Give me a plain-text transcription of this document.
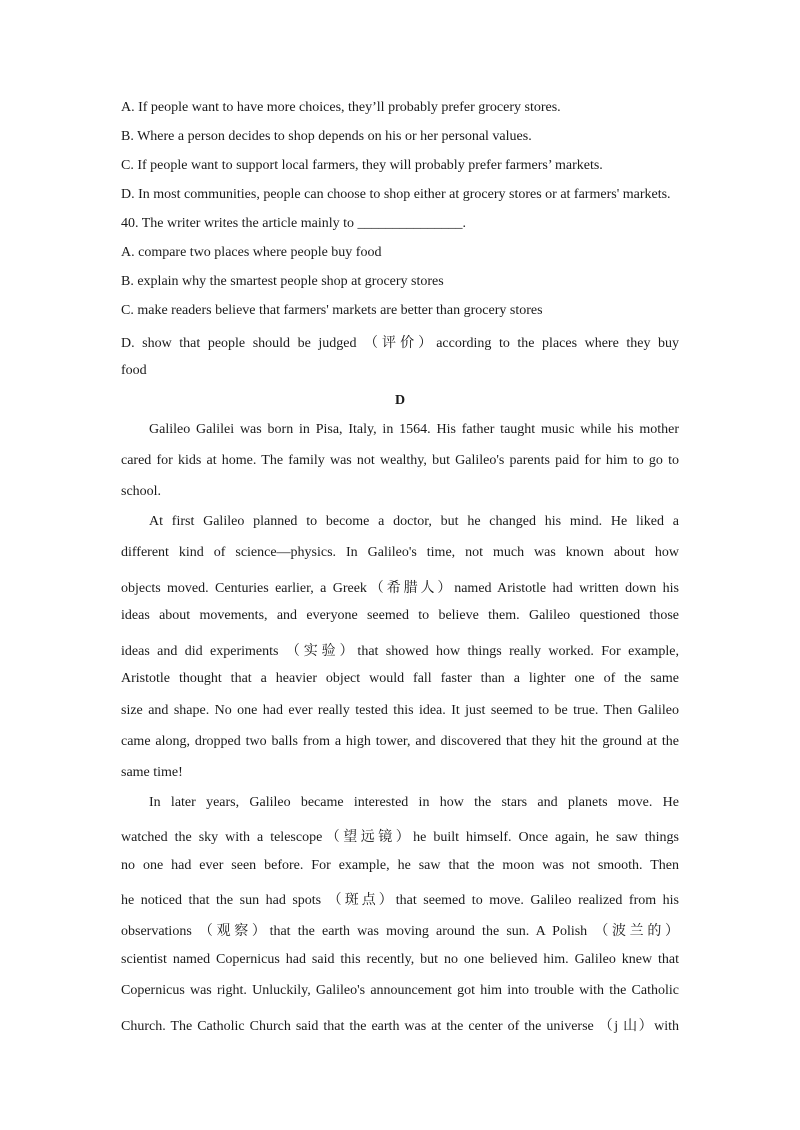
A. If people want to have more choices, they’ll probably prefer grocery stores.
B. Where a person decides to shop depends on his or her personal values.
C. If people want to support local farmers, they will probably prefer farmers’ markets.
D. In most communities, people can choose to shop either at grocery stores or at farmers' markets.
40. The writer writes the article mainly to _______________.
A. compare two places where people buy food
B. explain why the smartest people shop at grocery stores
C. make readers believe that farmers' markets are better than grocery stores
D. show that people should be judged （评价）according to the places where they buy
food
D
Galileo Galilei was born in Pisa, Italy, in 1564. His father taught music while his mother
cared for kids at home. The family was not wealthy, but Galileo's parents paid for him to go to
school.
At first Galileo planned to become a doctor, but he changed his mind. He liked a
different kind of science—physics. In Galileo's time, not much was known about how
objects moved. Centuries earlier, a Greek（希腊人）named Aristotle had written down his
ideas about movements, and everyone seemed to believe them. Galileo questioned those
ideas and did experiments （实验）that showed how things really worked. For example,
Aristotle thought that a heavier object would fall faster than a lighter one of the same
size and shape. No one had ever really tested this idea. It just seemed to be true. Then Galileo
came along, dropped two balls from a high tower, and discovered that they hit the ground at the
same time!
In later years, Galileo became interested in how the stars and planets move. He
watched the sky with a telescope（望远镜）he built himself. Once again, he saw things
no one had ever seen before. For example, he saw that the moon was not smooth. Then
he noticed that the sun had spots （斑点）that seemed to move. Galileo realized from his
observations （观察）that the earth was moving around the sun. A Polish （波兰的）
scientist named Copernicus had said this recently, but no one believed him. Galileo knew that
Copernicus was right. Unluckily, Galileo's announcement got him into trouble with the Catholic
Church. The Catholic Church said that the earth was at the center of the universe （j 山）with
